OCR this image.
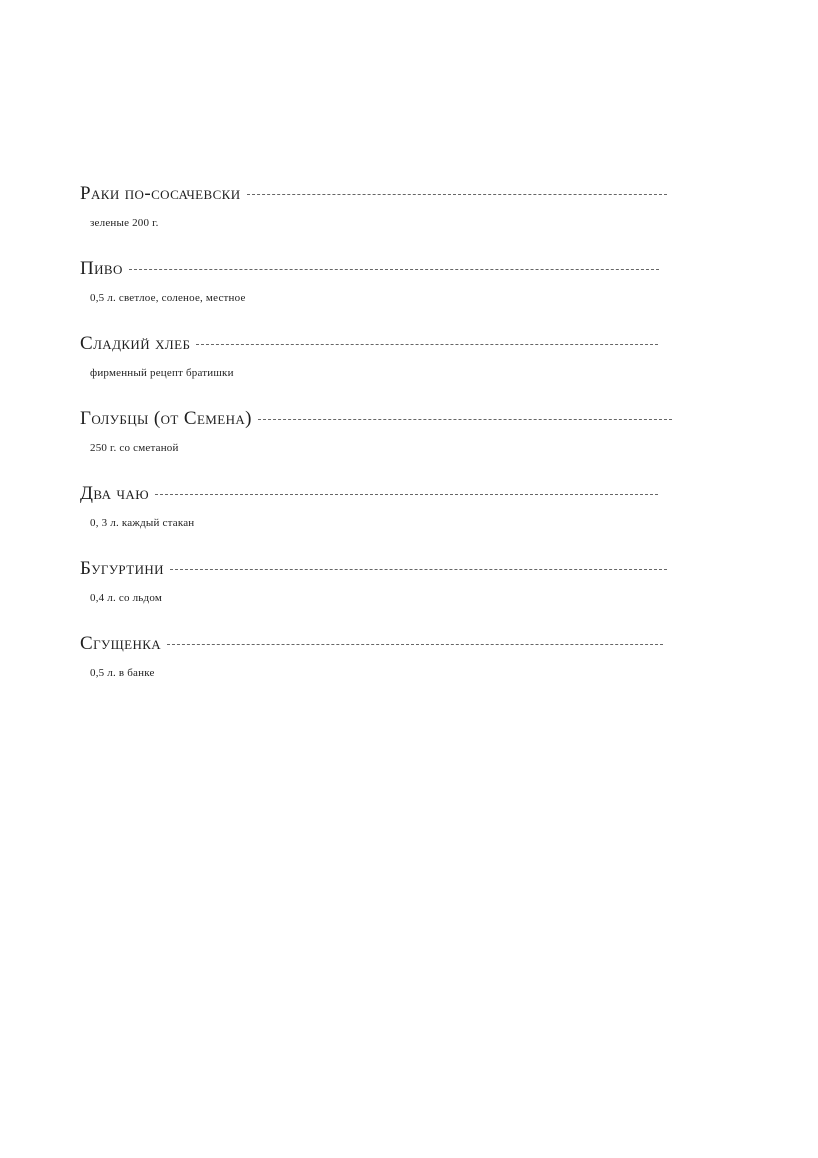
Раки по-сосачевски
зеленые 200 г.
Пиво
0,5 л. светлое, соленое, местное
Сладкий хлеб
фирменный рецепт братишки
Голубцы (от Семена)
250 г. со сметаной
Два чаю
0, 3 л. каждый стакан
Бугуртини
0,4 л. со льдом
Сгущенка
0,5 л. в банке
